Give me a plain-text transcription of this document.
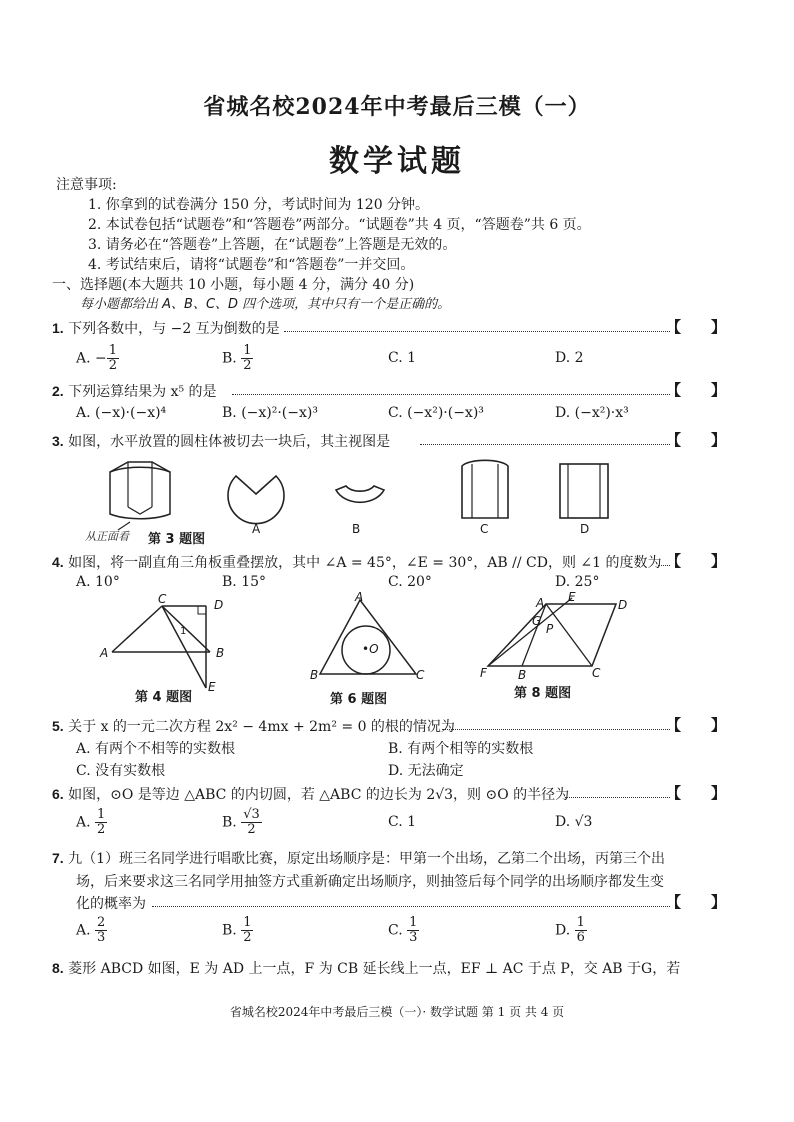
省城名校2024年中考最后三模（一）
数学试题
注意事项:
1. 你拿到的试卷满分 150 分，考试时间为 120 分钟。
2. 本试卷包括“试题卷”和“答题卷”两部分。“试题卷”共 4 页，“答题卷”共 6 页。
3. 请务必在“答题卷”上答题，在“试题卷”上答题是无效的。
4. 考试结束后，请将“试题卷”和“答题卷”一并交回。
一、选择题(本大题共 10 小题，每小题 4 分，满分 40 分)
每小题都给出 A、B、C、D 四个选项，其中只有一个是正确的。
1. 下列各数中，与 −2 互为倒数的是	【　　】
A. − $\frac{1}{2}$	B. $\frac{1}{2}$	C. 1	D. 2
2. 下列运算结果为 x⁵ 的是	【　　】
A. (−x)·(−x)⁴	B. (−x)²·(−x)³	C. (−x²)·(−x)³	D. (−x²)·x³
3. 如图，水平放置的圆柱体被切去一块后，其主视图是	【　　】
从正面看 第 3 题图
A	B	C	D
4. 如图，将一副直角三角板重叠摆放，其中 ∠A = 45°，∠E = 30°，AB // CD，则 ∠1 的度数为 【　　】
A. 10°	B. 15°	C. 20°	D. 25°
A	B
C	D
E
1
第 4 题图
A
B	C
•O
第 6 题图
A E
D
G
P
F	B	C
第 8 题图
5. 关于 x 的一元二次方程 2x² − 4mx + 2m² = 0 的根的情况为	【　　】
A. 有两个不相等的实数根	B. 有两个相等的实数根
C. 没有实数根	D. 无法确定
6. 如图，⊙O 是等边 △ABC 的内切圆，若 △ABC 的边长为 2√3，则 ⊙O 的半径为	【　　】
A. $\frac{1}{2}$	B. $\frac{√3}{2}$	C. 1	D. √3
7. 九（1）班三名同学进行唱歌比赛，原定出场顺序是：甲第一个出场，乙第二个出场，丙第三个出
场，后来要求这三名同学用抽签方式重新确定出场顺序，则抽签后每个同学的出场顺序都发生变
化的概率为	【　　】
A. $\frac{2}{3}$	B. $\frac{1}{2}$	C. $\frac{1}{3}$	D. $\frac{1}{6}$
8. 菱形 ABCD 如图，E 为 AD 上一点，F 为 CB 延长线上一点，EF ⊥ AC 于点 P，交 AB 于G，若
省城名校2024年中考最后三模（一）· 数学试题 第 1 页 共 4 页
